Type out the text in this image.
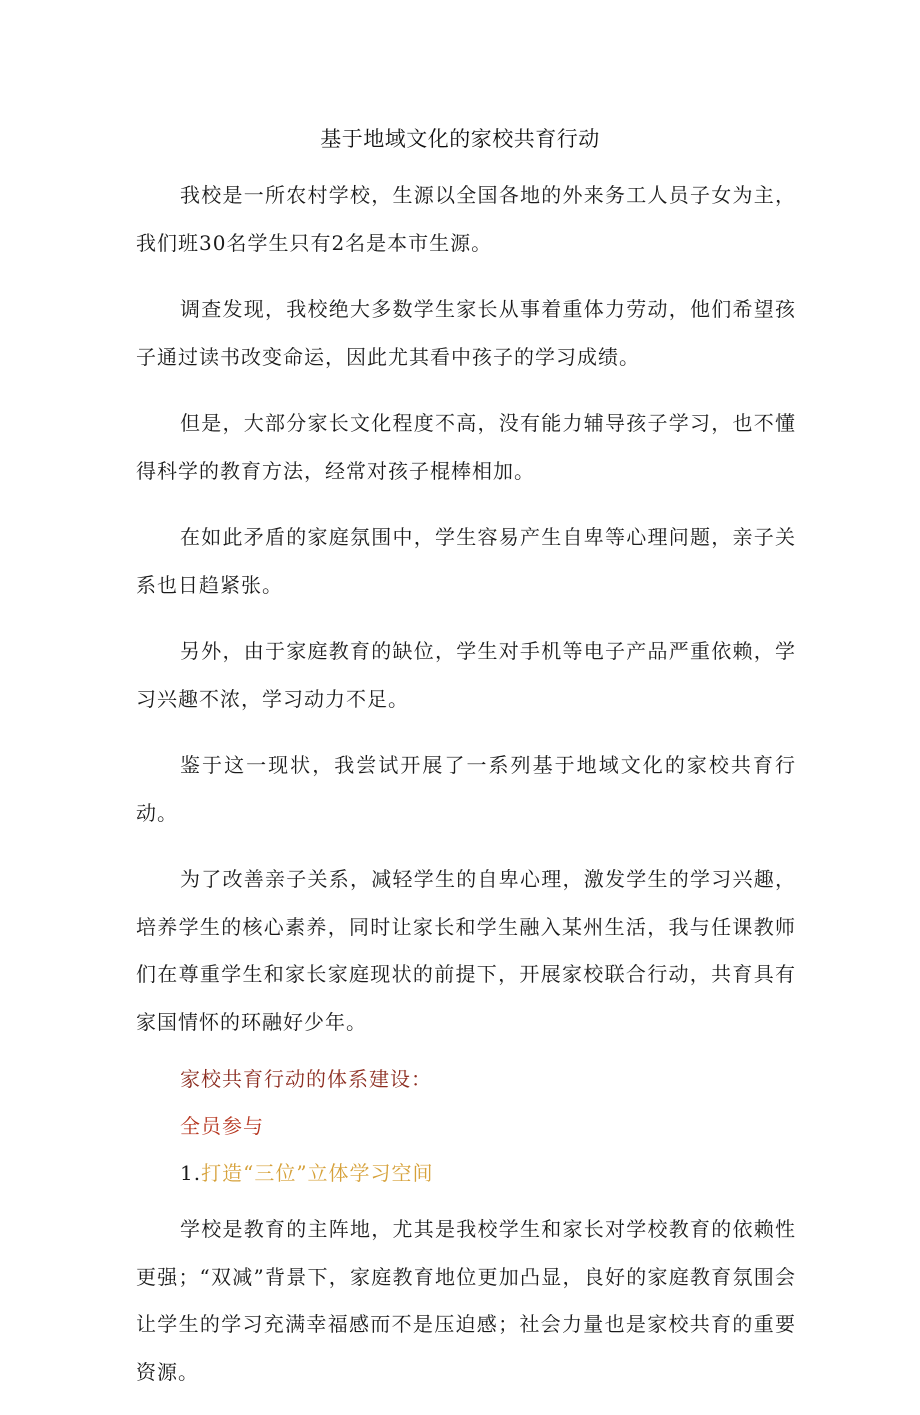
基于地域文化的家校共育行动

我校是一所农村学校，生源以全国各地的外来务工人员子女为主，我们班30名学生只有2名是本市生源。

调查发现，我校绝大多数学生家长从事着重体力劳动，他们希望孩子通过读书改变命运，因此尤其看中孩子的学习成绩。

但是，大部分家长文化程度不高，没有能力辅导孩子学习，也不懂得科学的教育方法，经常对孩子棍棒相加。

在如此矛盾的家庭氛围中，学生容易产生自卑等心理问题，亲子关系也日趋紧张。

另外，由于家庭教育的缺位，学生对手机等电子产品严重依赖，学习兴趣不浓，学习动力不足。

鉴于这一现状，我尝试开展了一系列基于地域文化的家校共育行动。

为了改善亲子关系，减轻学生的自卑心理，激发学生的学习兴趣，培养学生的核心素养，同时让家长和学生融入某州生活，我与任课教师们在尊重学生和家长家庭现状的前提下，开展家校联合行动，共育具有家国情怀的环融好少年。

家校共育行动的体系建设：

全员参与

1.打造“三位”立体学习空间

学校是教育的主阵地，尤其是我校学生和家长对学校教育的依赖性更强；“双减”背景下，家庭教育地位更加凸显，良好的家庭教育氛围会让学生的学习充满幸福感而不是压迫感；社会力量也是家校共育的重要资源。
